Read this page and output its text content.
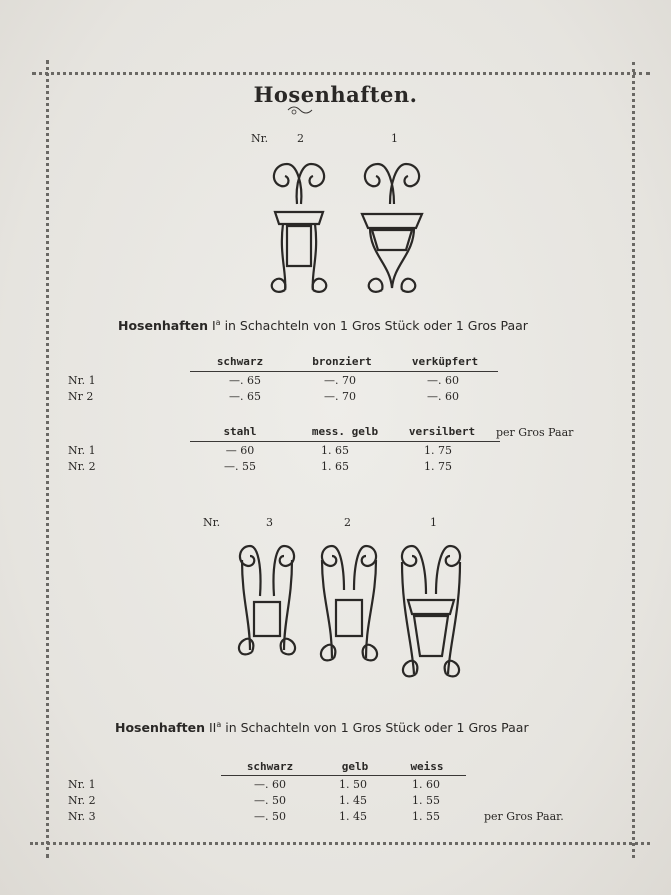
Hosenhaften.
Nr.	2	1
Hosenhaften $I^a$ in Schachteln von 1 Gros Stück oder 1 Gros Paar
schwarz	bronziert	verküpfert
Nr. 1	—. 65	—. 70	—. 60
Nr 2	—. 65	—. 70	—. 60
stahl	mess. gelb	versilbert	per Gros Paar
Nr. 1	— 60	1. 65	1. 75
Nr. 2	—. 55	1. 65	1. 75
Nr.	3	2	1
Hosenhaften $II^a$ in Schachteln von 1 Gros Stück oder 1 Gros Paar
schwarz	gelb	weiss
Nr. 1	—. 60	1. 50	1. 60
Nr. 2	—. 50	1. 45	1. 55
Nr. 3	—. 50	1. 45	1. 55	per Gros Paar.
